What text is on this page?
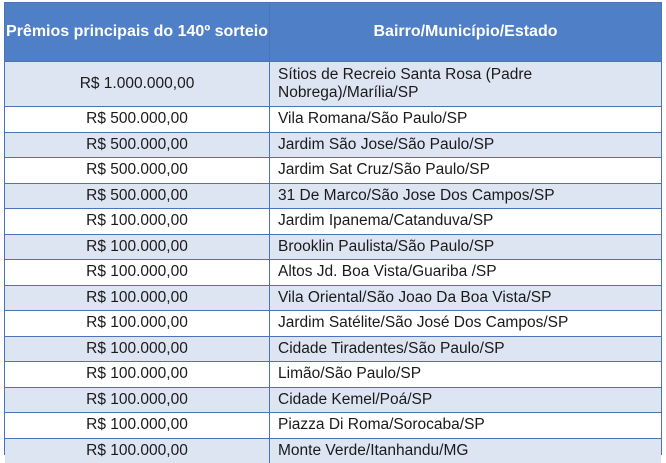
Prêmios principais do 140º sorteio	Bairro/Município/Estado
R$ 1.000.000,00	Sítios de Recreio Santa Rosa (Padre Nobrega)/Marília/SP
R$ 500.000,00	Vila Romana/São Paulo/SP
R$ 500.000,00	Jardim São Jose/São Paulo/SP
R$ 500.000,00	Jardim Sat Cruz/São Paulo/SP
R$ 500.000,00	31 De Marco/São Jose Dos Campos/SP
R$ 100.000,00	Jardim Ipanema/Catanduva/SP
R$ 100.000,00	Brooklin Paulista/São Paulo/SP
R$ 100.000,00	Altos Jd. Boa Vista/Guariba /SP
R$ 100.000,00	Vila Oriental/São Joao Da Boa Vista/SP
R$ 100.000,00	Jardim Satélite/São José Dos Campos/SP
R$ 100.000,00	Cidade Tiradentes/São Paulo/SP
R$ 100.000,00	Limão/São Paulo/SP
R$ 100.000,00	Cidade Kemel/Poá/SP
R$ 100.000,00	Piazza Di Roma/Sorocaba/SP
R$ 100.000,00	Monte Verde/Itanhandu/MG
